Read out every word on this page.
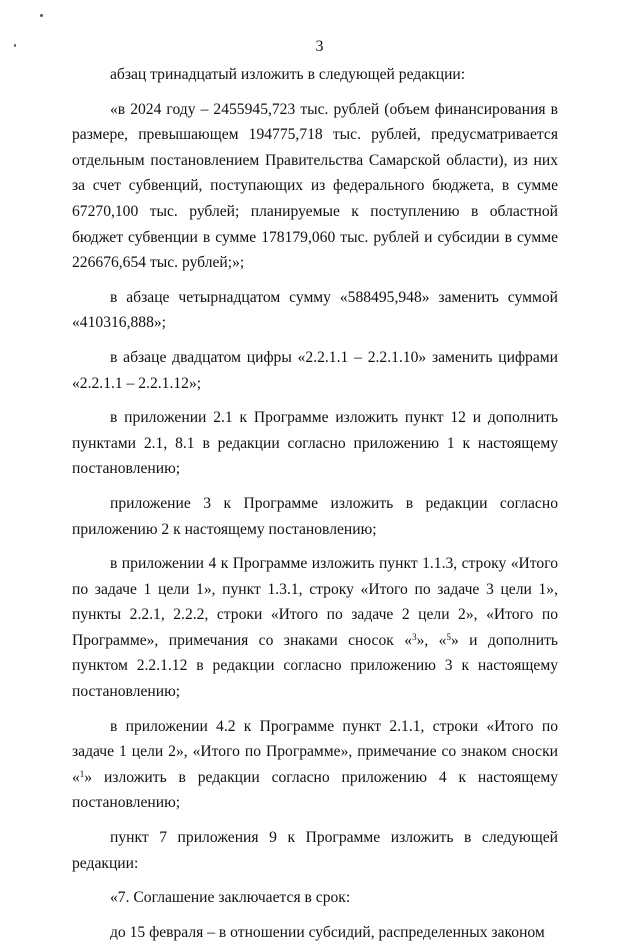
3

абзац тринадцатый изложить в следующей редакции:

«в 2024 году – 2455945,723 тыс. рублей (объем финансирования в размере, превышающем 194775,718 тыс. рублей, предусматривается отдельным постановлением Правительства Самарской области), из них за счет субвенций, поступающих из федерального бюджета, в сумме 67270,100 тыс. рублей; планируемые к поступлению в областной бюджет субвенции в сумме 178179,060 тыс. рублей и субсидии в сумме 226676,654 тыс. рублей;»;

в абзаце четырнадцатом сумму «588495,948» заменить суммой «410316,888»;

в абзаце двадцатом цифры «2.2.1.1 – 2.2.1.10» заменить цифрами «2.2.1.1 – 2.2.1.12»;

в приложении 2.1 к Программе изложить пункт 12 и дополнить пунктами 2.1, 8.1 в редакции согласно приложению 1 к настоящему постановлению;

приложение 3 к Программе изложить в редакции согласно приложению 2 к настоящему постановлению;

в приложении 4 к Программе изложить пункт 1.1.3, строку «Итого по задаче 1 цели 1», пункт 1.3.1, строку «Итого по задаче 3 цели 1», пункты 2.2.1, 2.2.2, строки «Итого по задаче 2 цели 2», «Итого по Программе», примечания со знаками сносок «$^3$», «$^5$» и дополнить пунктом 2.2.1.12 в редакции согласно приложению 3 к настоящему постановлению;

в приложении 4.2 к Программе пункт 2.1.1, строки «Итого по задаче 1 цели 2», «Итого по Программе», примечание со знаком сноски «$^1$» изложить в редакции согласно приложению 4 к настоящему постановлению;

пункт 7 приложения 9 к Программе изложить в следующей редакции:

«7. Соглашение заключается в срок:

до 15 февраля – в отношении субсидий, распределенных законом
